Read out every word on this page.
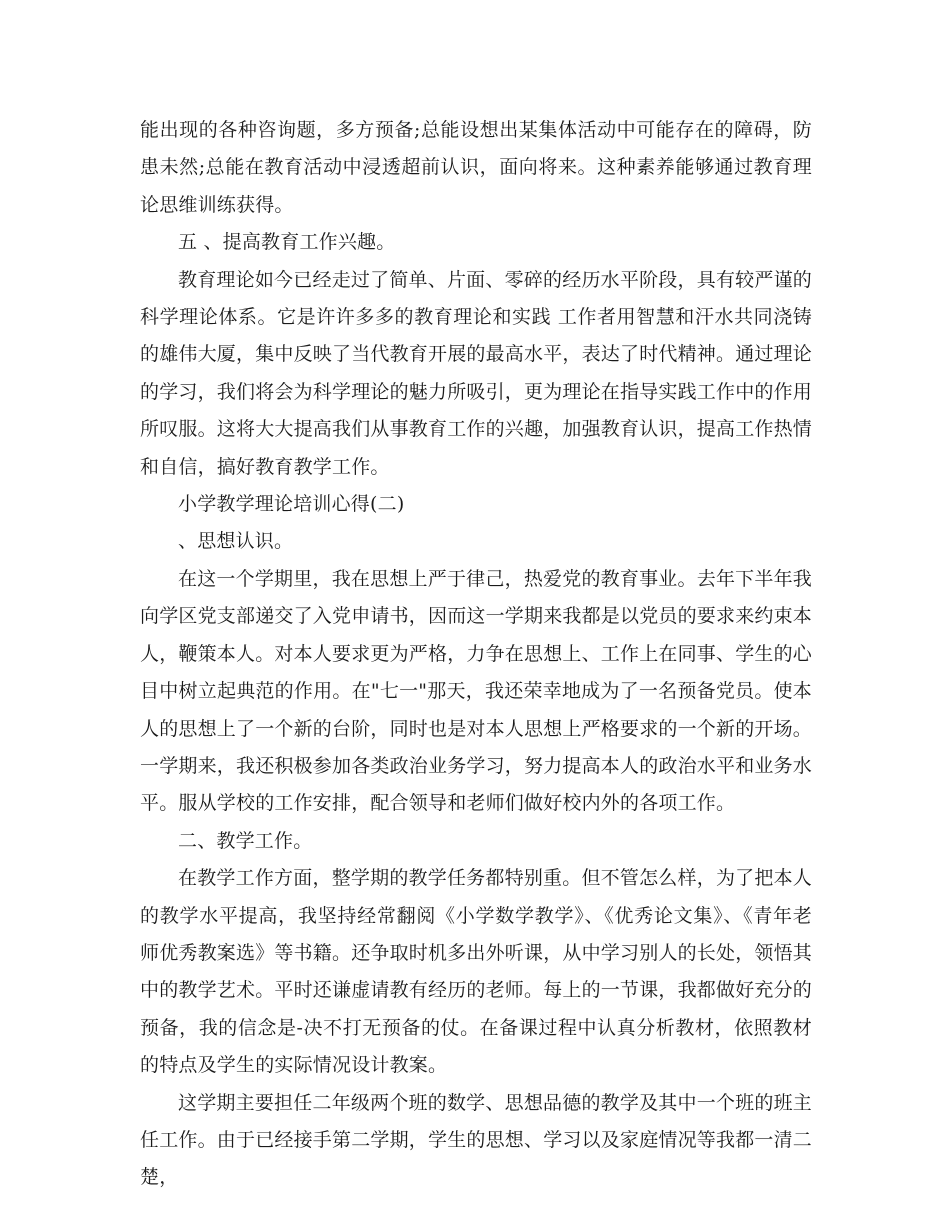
能出现的各种咨询题，多方预备;总能设想出某集体活动中可能存在的障碍，防患未然;总能在教育活动中浸透超前认识，面向将来。这种素养能够通过教育理论思维训练获得。

五 、提高教育工作兴趣。

教育理论如今已经走过了简单、片面、零碎的经历水平阶段，具有较严谨的科学理论体系。它是许许多多的教育理论和实践 工作者用智慧和汗水共同浇铸的雄伟大厦，集中反映了当代教育开展的最高水平，表达了时代精神。通过理论的学习，我们将会为科学理论的魅力所吸引，更为理论在指导实践工作中的作用所叹服。这将大大提高我们从事教育工作的兴趣，加强教育认识，提高工作热情和自信，搞好教育教学工作。

小学教学理论培训心得(二)

、思想认识。

在这一个学期里，我在思想上严于律己，热爱党的教育事业。去年下半年我向学区党支部递交了入党申请书，因而这一学期来我都是以党员的要求来约束本人，鞭策本人。对本人要求更为严格，力争在思想上、工作上在同事、学生的心目中树立起典范的作用。在"七一"那天，我还荣幸地成为了一名预备党员。使本人的思想上了一个新的台阶，同时也是对本人思想上严格要求的一个新的开场。一学期来，我还积极参加各类政治业务学习，努力提高本人的政治水平和业务水平。服从学校的工作安排，配合领导和老师们做好校内外的各项工作。

二、教学工作。

在教学工作方面，整学期的教学任务都特别重。但不管怎么样，为了把本人的教学水平提高，我坚持经常翻阅《小学数学教学》、《优秀论文集》、《青年老师优秀教案选》等书籍。还争取时机多出外听课，从中学习别人的长处，领悟其中的教学艺术。平时还谦虚请教有经历的老师。每上的一节课，我都做好充分的预备，我的信念是-决不打无预备的仗。在备课过程中认真分析教材，依照教材的特点及学生的实际情况设计教案。

这学期主要担任二年级两个班的数学、思想品德的教学及其中一个班的班主任工作。由于已经接手第二学期，学生的思想、学习以及家庭情况等我都一清二楚，
